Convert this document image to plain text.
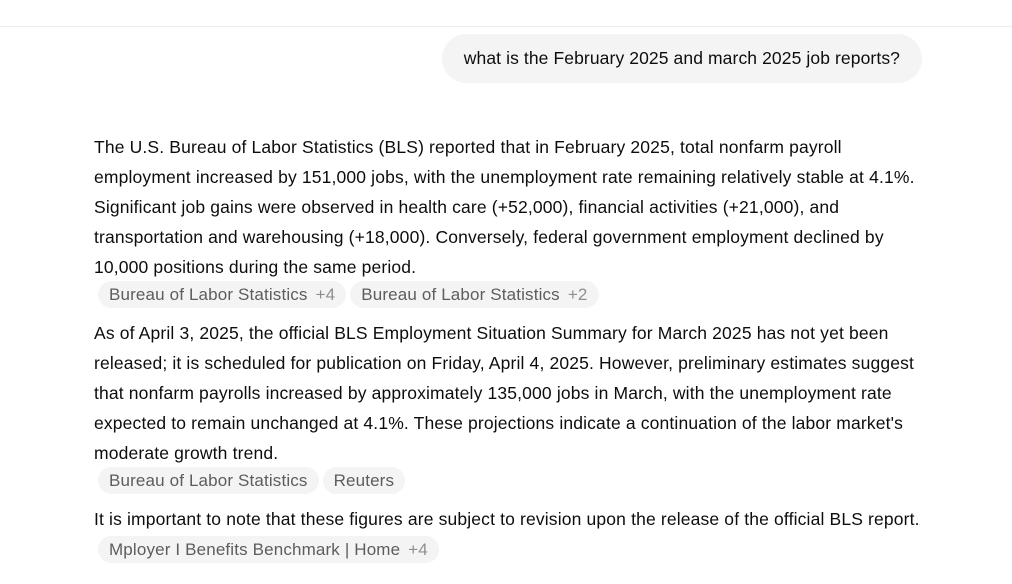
what is the February 2025 and march 2025 job reports?
The U.S. Bureau of Labor Statistics (BLS) reported that in February 2025, total nonfarm payroll employment increased by 151,000 jobs, with the unemployment rate remaining relatively stable at 4.1%. Significant job gains were observed in health care (+52,000), financial activities (+21,000), and transportation and warehousing (+18,000). Conversely, federal government employment declined by 10,000 positions during the same period.
Bureau of Labor Statistics +4 Bureau of Labor Statistics +2
As of April 3, 2025, the official BLS Employment Situation Summary for March 2025 has not yet been released; it is scheduled for publication on Friday, April 4, 2025. However, preliminary estimates suggest that nonfarm payrolls increased by approximately 135,000 jobs in March, with the unemployment rate expected to remain unchanged at 4.1%. These projections indicate a continuation of the labor market's moderate growth trend.
Bureau of Labor Statistics Reuters
It is important to note that these figures are subject to revision upon the release of the official BLS report.Mployer I Benefits Benchmark | Home +4
